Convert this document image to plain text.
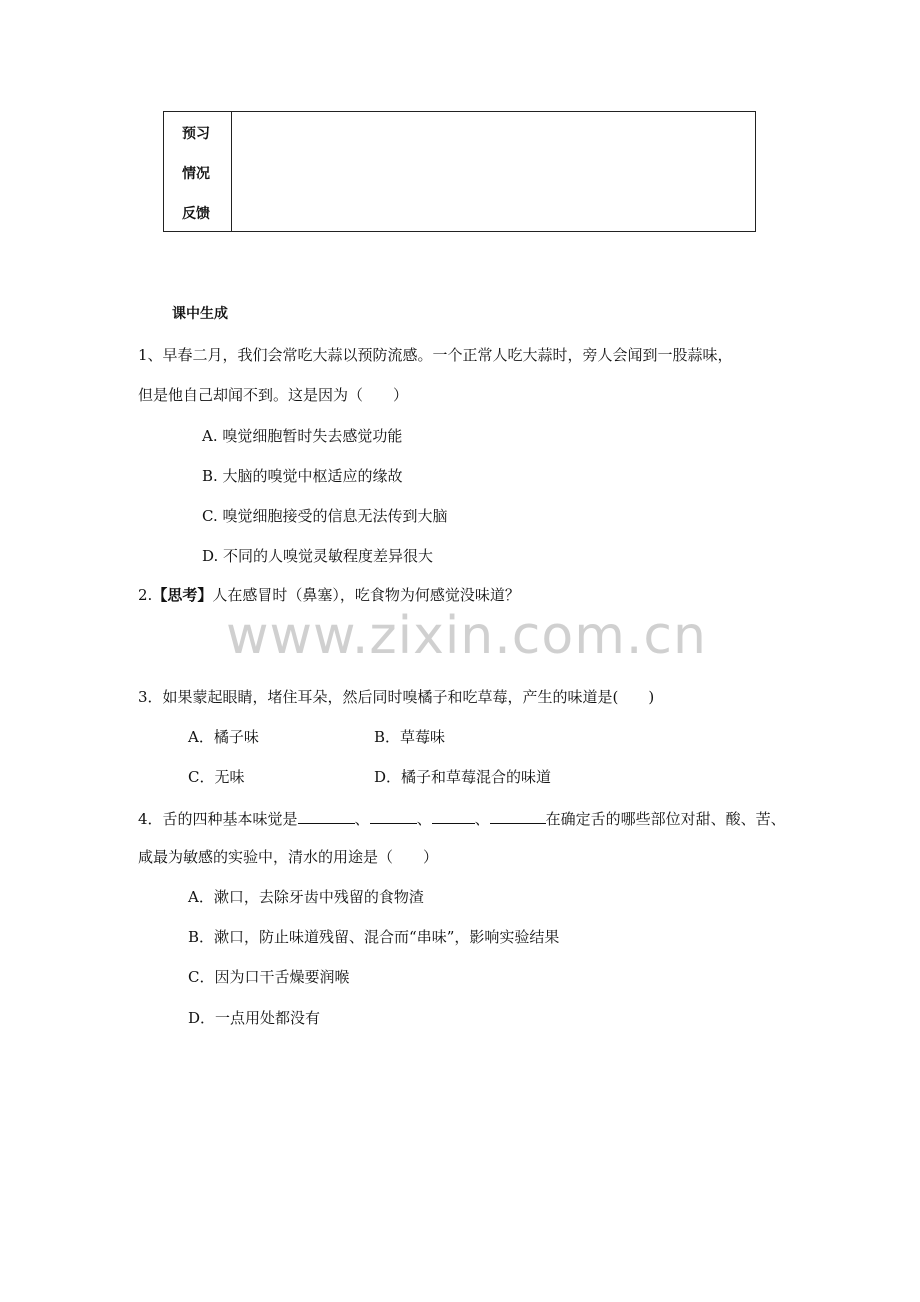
预习
情况
反馈
课中生成
1、早春二月，我们会常吃大蒜以预防流感。一个正常人吃大蒜时，旁人会闻到一股蒜味，
但是他自己却闻不到。这是因为（　　）
A. 嗅觉细胞暂时失去感觉功能
B. 大脑的嗅觉中枢适应的缘故
C. 嗅觉细胞接受的信息无法传到大脑
D. 不同的人嗅觉灵敏程度差异很大
2.【思考】人在感冒时（鼻塞），吃食物为何感觉没味道？
www.zixin.com.cn
3．如果蒙起眼睛，堵住耳朵，然后同时嗅橘子和吃草莓，产生的味道是(　　)
A．橘子味	B．草莓味
C．无味	D．橘子和草莓混合的味道
4．舌的四种基本味觉是	、	、	、	在确定舌的哪些部位对甜、酸、苦、
咸最为敏感的实验中，清水的用途是（　　）
A．漱口，去除牙齿中残留的食物渣
B．漱口，防止味道残留、混合而“串味”，影响实验结果
C．因为口干舌燥要润喉
D．一点用处都没有
